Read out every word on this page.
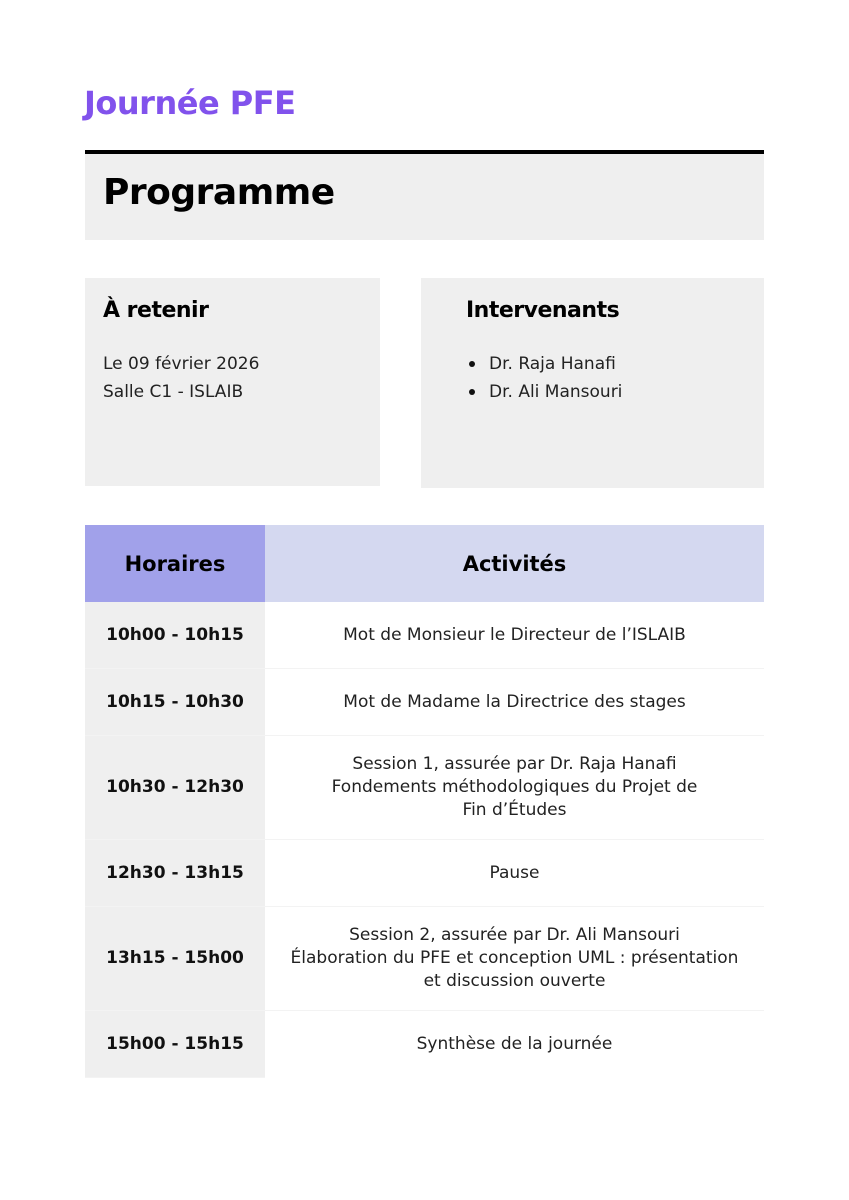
Journée PFE
Programme
À retenir
Le 09 février 2026
Salle C1 - ISLAIB
Intervenants
Dr. Raja Hanafi
Dr. Ali Mansouri
Horaires	Activités
10h00 - 10h15	Mot de Monsieur le Directeur de l’ISLAIB

10h15 - 10h30	Mot de Madame la Directrice des stages

10h30 - 12h30	Session 1, assurée par Dr. Raja Hanafi
Fondements méthodologiques du Projet de Fin d’Études

12h30 - 13h15	Pause

13h15 - 15h00	Session 2, assurée par Dr. Ali Mansouri
Élaboration du PFE et conception UML : présentation et discussion ouverte

15h00 - 15h15	Synthèse de la journée
